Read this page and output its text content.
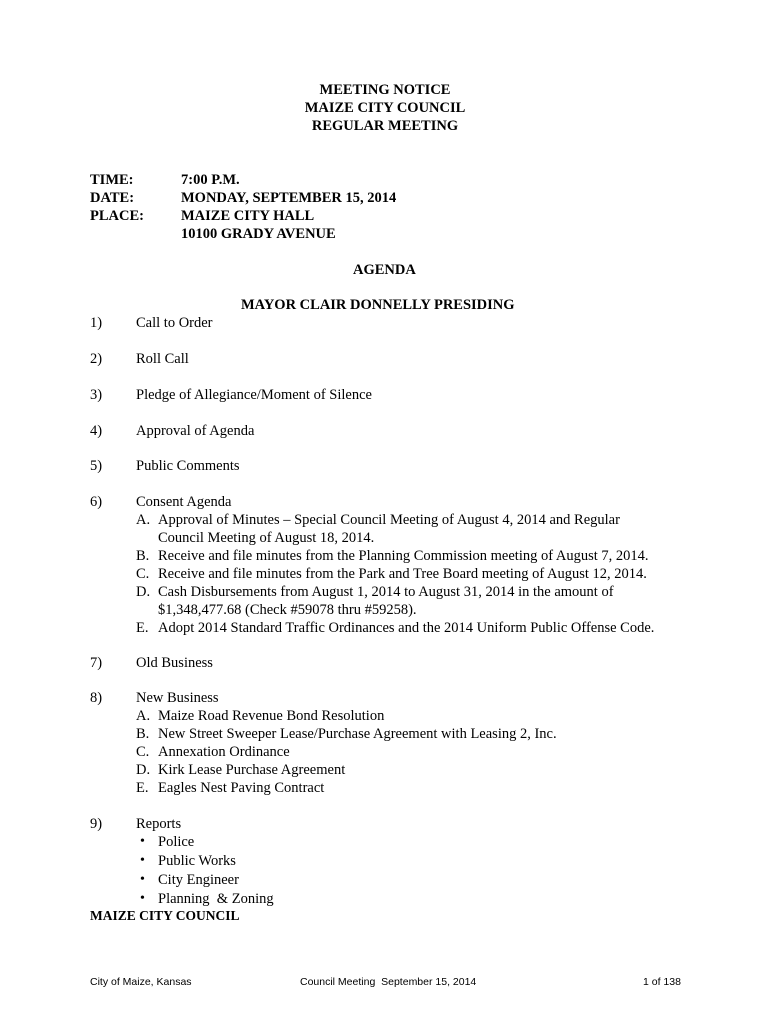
MEETING NOTICE
MAIZE CITY COUNCIL
REGULAR MEETING
TIME:	7:00 P.M.
DATE:	MONDAY, SEPTEMBER 15, 2014
PLACE:	MAIZE CITY HALL
10100 GRADY AVENUE
AGENDA
MAYOR CLAIR DONNELLY PRESIDING
1) Call to Order
2) Roll Call
3) Pledge of Allegiance/Moment of Silence
4) Approval of Agenda
5) Public Comments
6) Consent Agenda
A. Approval of Minutes – Special Council Meeting of August 4, 2014 and Regular
Council Meeting of August 18, 2014.
B. Receive and file minutes from the Planning Commission meeting of August 7, 2014.
C. Receive and file minutes from the Park and Tree Board meeting of August 12, 2014.
D. Cash Disbursements from August 1, 2014 to August 31, 2014 in the amount of
$1,348,477.68 (Check #59078 thru #59258).
E. Adopt 2014 Standard Traffic Ordinances and the 2014 Uniform Public Offense Code.
7) Old Business
8) New Business
A. Maize Road Revenue Bond Resolution
B. New Street Sweeper Lease/Purchase Agreement with Leasing 2, Inc.
C. Annexation Ordinance
D. Kirk Lease Purchase Agreement
E. Eagles Nest Paving Contract
9) Reports
• Police
• Public Works
• City Engineer
• Planning  & Zoning
MAIZE CITY COUNCIL
City of Maize, Kansas	Council Meeting  September 15, 2014	1 of 138
